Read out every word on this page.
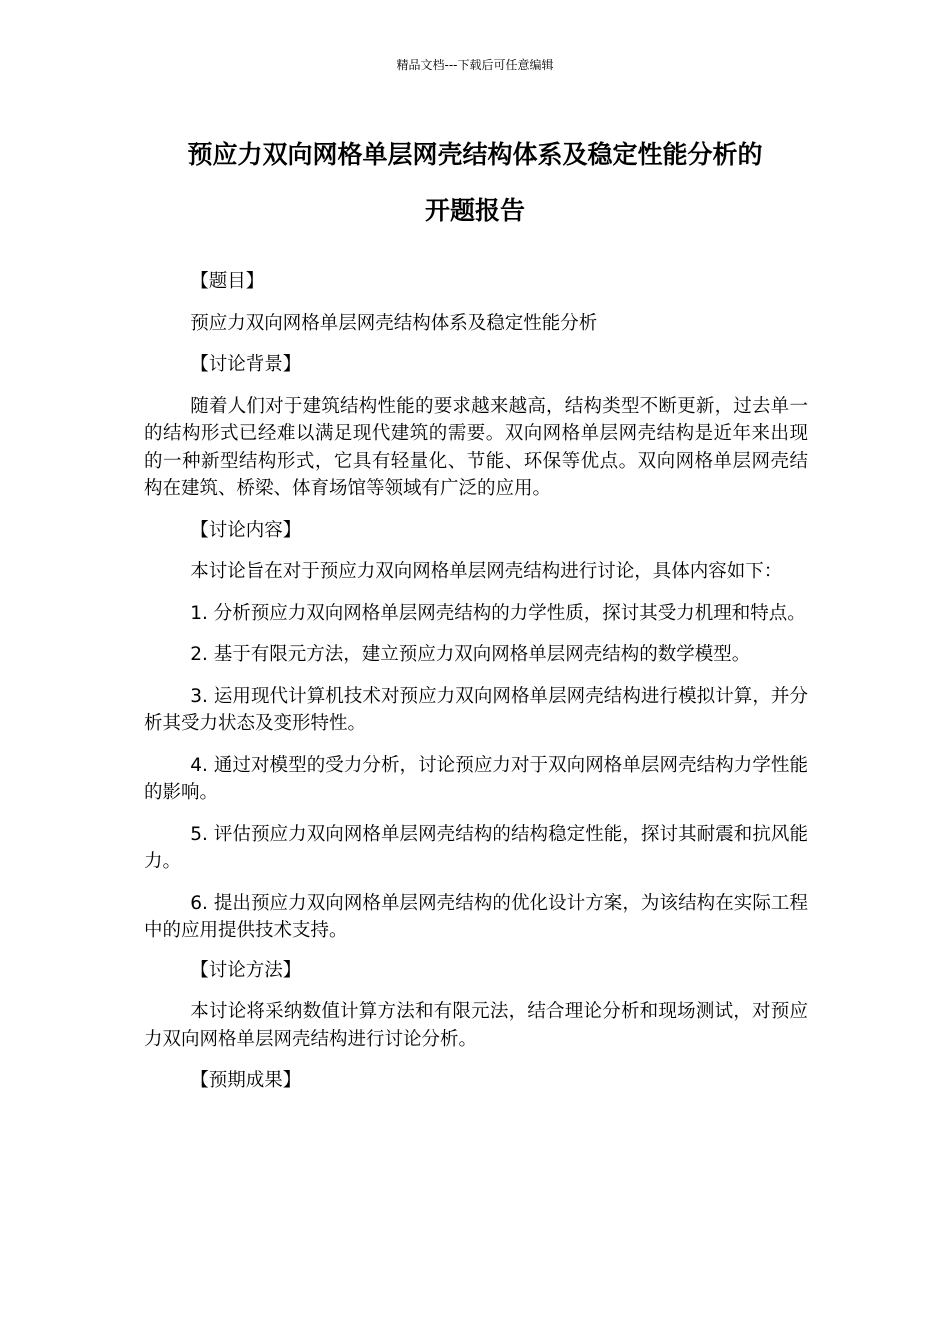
精品文档---下载后可任意编辑
预应力双向网格单层网壳结构体系及稳定性能分析的
开题报告

【题目】

预应力双向网格单层网壳结构体系及稳定性能分析

【讨论背景】

随着人们对于建筑结构性能的要求越来越高，结构类型不断更新，过去单一的结构形式已经难以满足现代建筑的需要。双向网格单层网壳结构是近年来出现的一种新型结构形式，它具有轻量化、节能、环保等优点。双向网格单层网壳结构在建筑、桥梁、体育场馆等领域有广泛的应用。

【讨论内容】

本讨论旨在对于预应力双向网格单层网壳结构进行讨论，具体内容如下：

1. 分析预应力双向网格单层网壳结构的力学性质，探讨其受力机理和特点。

2. 基于有限元方法，建立预应力双向网格单层网壳结构的数学模型。

3. 运用现代计算机技术对预应力双向网格单层网壳结构进行模拟计算，并分析其受力状态及变形特性。

4. 通过对模型的受力分析，讨论预应力对于双向网格单层网壳结构力学性能的影响。

5. 评估预应力双向网格单层网壳结构的结构稳定性能，探讨其耐震和抗风能力。

6. 提出预应力双向网格单层网壳结构的优化设计方案，为该结构在实际工程中的应用提供技术支持。

【讨论方法】

本讨论将采纳数值计算方法和有限元法，结合理论分析和现场测试，对预应力双向网格单层网壳结构进行讨论分析。

【预期成果】
